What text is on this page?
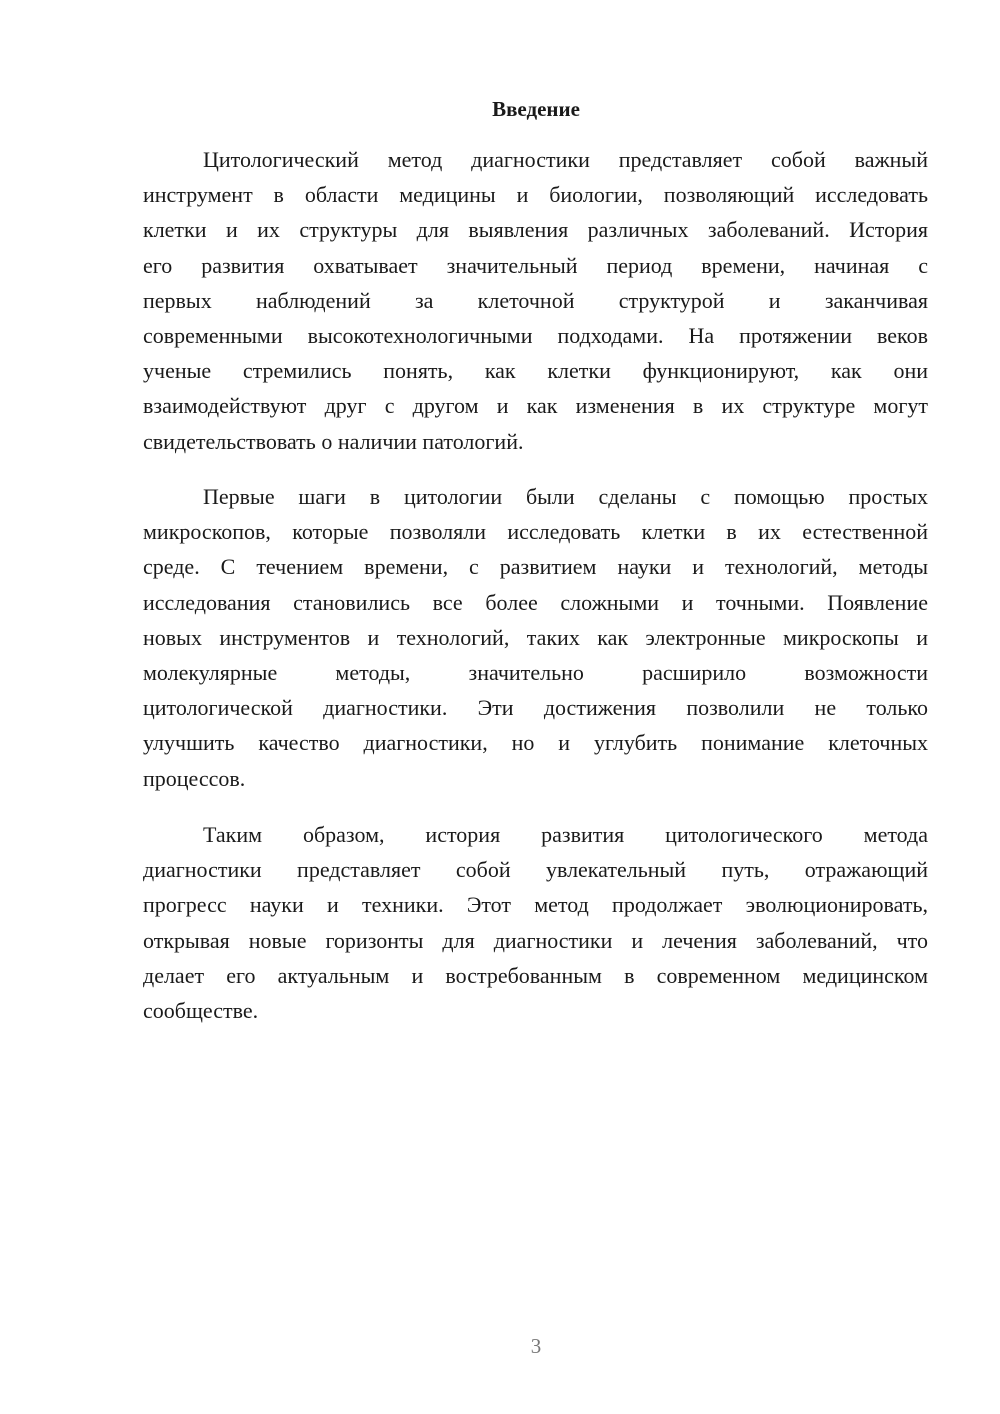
Введение
Цитологический метод диагностики представляет собой важный
инструмент в области медицины и биологии, позволяющий исследовать
клетки и их структуры для выявления различных заболеваний. История
его развития охватывает значительный период времени, начиная с
первых наблюдений за клеточной структурой и заканчивая
современными высокотехнологичными подходами. На протяжении веков
ученые стремились понять, как клетки функционируют, как они
взаимодействуют друг с другом и как изменения в их структуре могут
свидетельствовать о наличии патологий.
Первые шаги в цитологии были сделаны с помощью простых
микроскопов, которые позволяли исследовать клетки в их естественной
среде. С течением времени, с развитием науки и технологий, методы
исследования становились все более сложными и точными. Появление
новых инструментов и технологий, таких как электронные микроскопы и
молекулярные методы, значительно расширило возможности
цитологической диагностики. Эти достижения позволили не только
улучшить качество диагностики, но и углубить понимание клеточных
процессов.
Таким образом, история развития цитологического метода
диагностики представляет собой увлекательный путь, отражающий
прогресс науки и техники. Этот метод продолжает эволюционировать,
открывая новые горизонты для диагностики и лечения заболеваний, что
делает его актуальным и востребованным в современном медицинском
сообществе.
3
